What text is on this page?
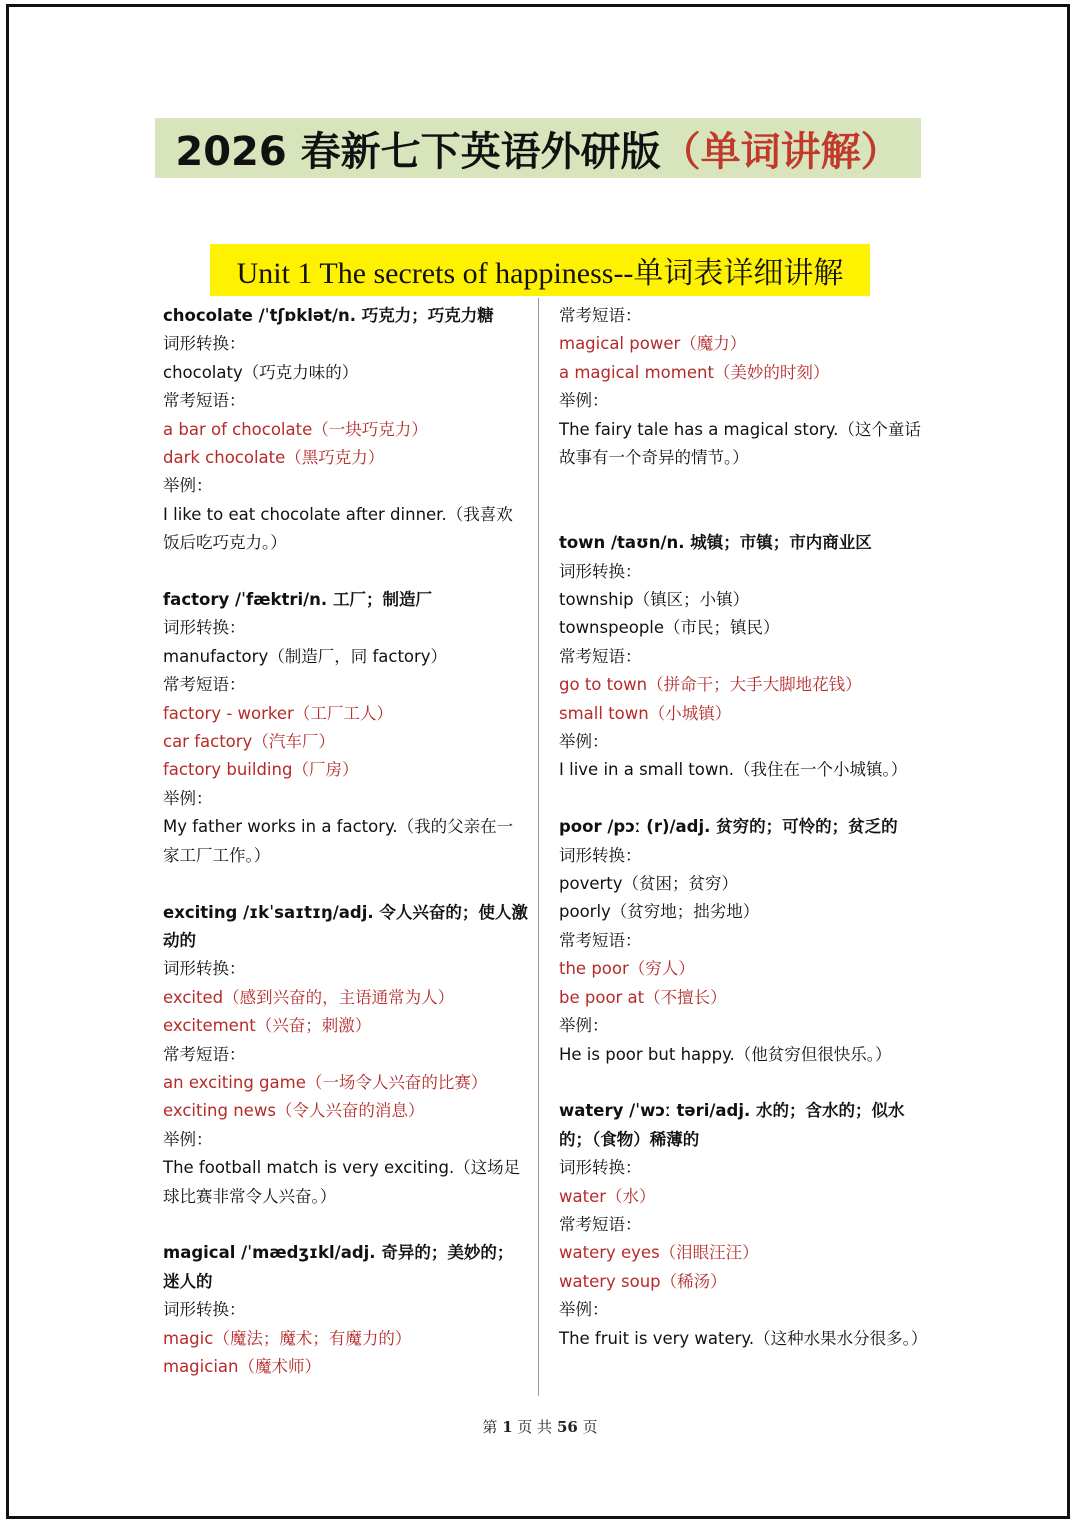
2026 春新七下英语外研版 （单词讲解）
Unit 1 The secrets of happiness--单词表详细讲解
chocolate /ˈtʃɒklət/n. 巧克力；巧克力糖
词形转换：
chocolaty（巧克力味的）
常考短语：
a bar of chocolate（一块巧克力）
dark chocolate（黑巧克力）
举例：
I like to eat chocolate after dinner.（我喜欢饭后吃巧克力。）
factory /ˈfæktri/n. 工厂；制造厂
词形转换：
manufactory（制造厂，同 factory）
常考短语：
factory - worker（工厂工人）
car factory（汽车厂）
factory building（厂房）
举例：
My father works in a factory.（我的父亲在一家工厂工作。）
exciting /ɪkˈsaɪtɪŋ/adj. 令人兴奋的；使人激动的
词形转换：
excited（感到兴奋的，主语通常为人）
excitement（兴奋；刺激）
常考短语：
an exciting game（一场令人兴奋的比赛）
exciting news（令人兴奋的消息）
举例：
The football match is very exciting.（这场足球比赛非常令人兴奋。）
magical /ˈmædʒɪkl/adj. 奇异的；美妙的；迷人的
词形转换：
magic（魔法；魔术；有魔力的）
magician（魔术师）
常考短语：
magical power（魔力）
a magical moment（美妙的时刻）
举例：
The fairy tale has a magical story.（这个童话故事有一个奇异的情节。）
town /taʊn/n. 城镇；市镇；市内商业区
词形转换：
township（镇区；小镇）
townspeople（市民；镇民）
常考短语：
go to town（拼命干；大手大脚地花钱）
small town（小城镇）
举例：
I live in a small town.（我住在一个小城镇。）
poor /pɔː (r)/adj. 贫穷的；可怜的；贫乏的
词形转换：
poverty（贫困；贫穷）
poorly（贫穷地；拙劣地）
常考短语：
the poor（穷人）
be poor at（不擅长）
举例：
He is poor but happy.（他贫穷但很快乐。）
watery /ˈwɔː təri/adj. 水的；含水的；似水的；（食物）稀薄的
词形转换：
water（水）
常考短语：
watery eyes（泪眼汪汪）
watery soup（稀汤）
举例：
The fruit is very watery.（这种水果水分很多。）
第 1 页 共 56 页
